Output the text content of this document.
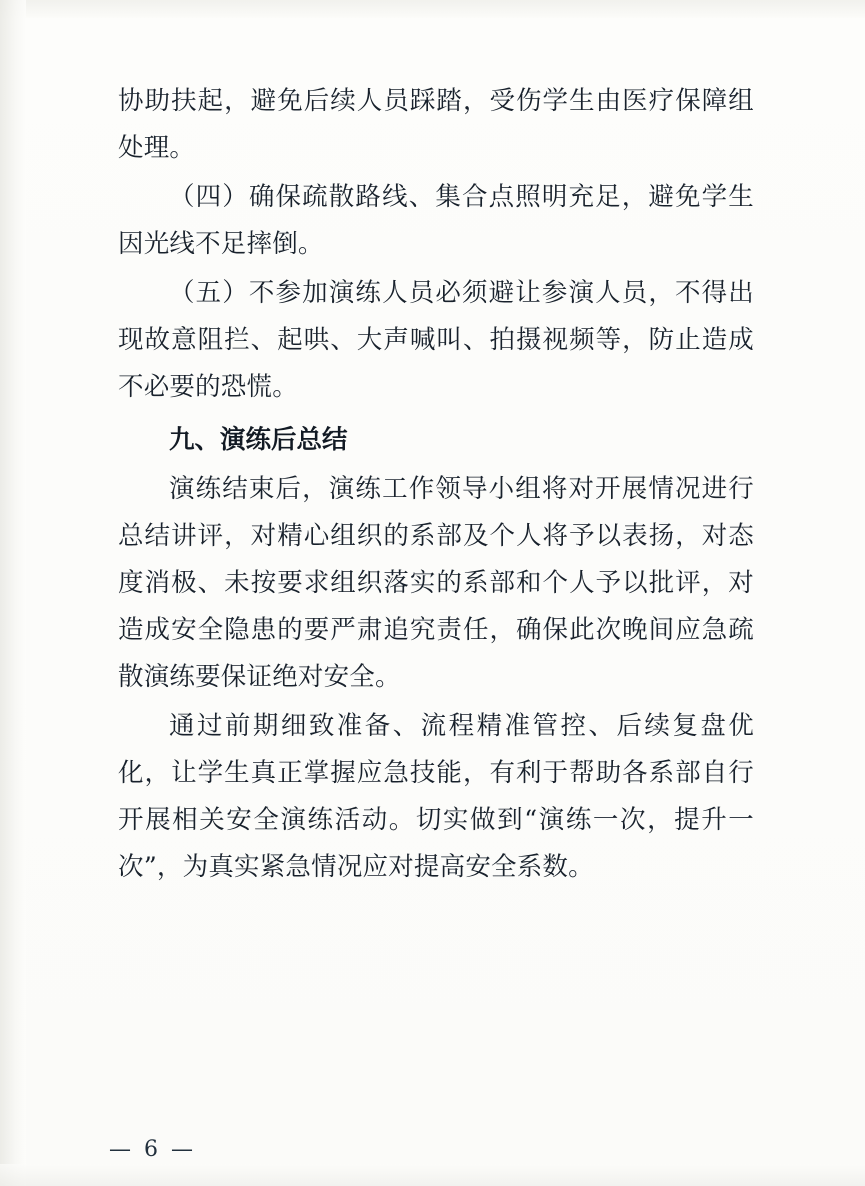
协助扶起，避免后续人员踩踏，受伤学生由医疗保障组处理。

（四）确保疏散路线、集合点照明充足，避免学生因光线不足摔倒。

（五）不参加演练人员必须避让参演人员，不得出现故意阻拦、起哄、大声喊叫、拍摄视频等，防止造成不必要的恐慌。

九、演练后总结

演练结束后，演练工作领导小组将对开展情况进行总结讲评，对精心组织的系部及个人将予以表扬，对态度消极、未按要求组织落实的系部和个人予以批评，对造成安全隐患的要严肃追究责任，确保此次晚间应急疏散演练要保证绝对安全。

通过前期细致准备、流程精准管控、后续复盘优化，让学生真正掌握应急技能，有利于帮助各系部自行开展相关安全演练活动。切实做到“演练一次，提升一次”，为真实紧急情况应对提高安全系数。

— 6 —
